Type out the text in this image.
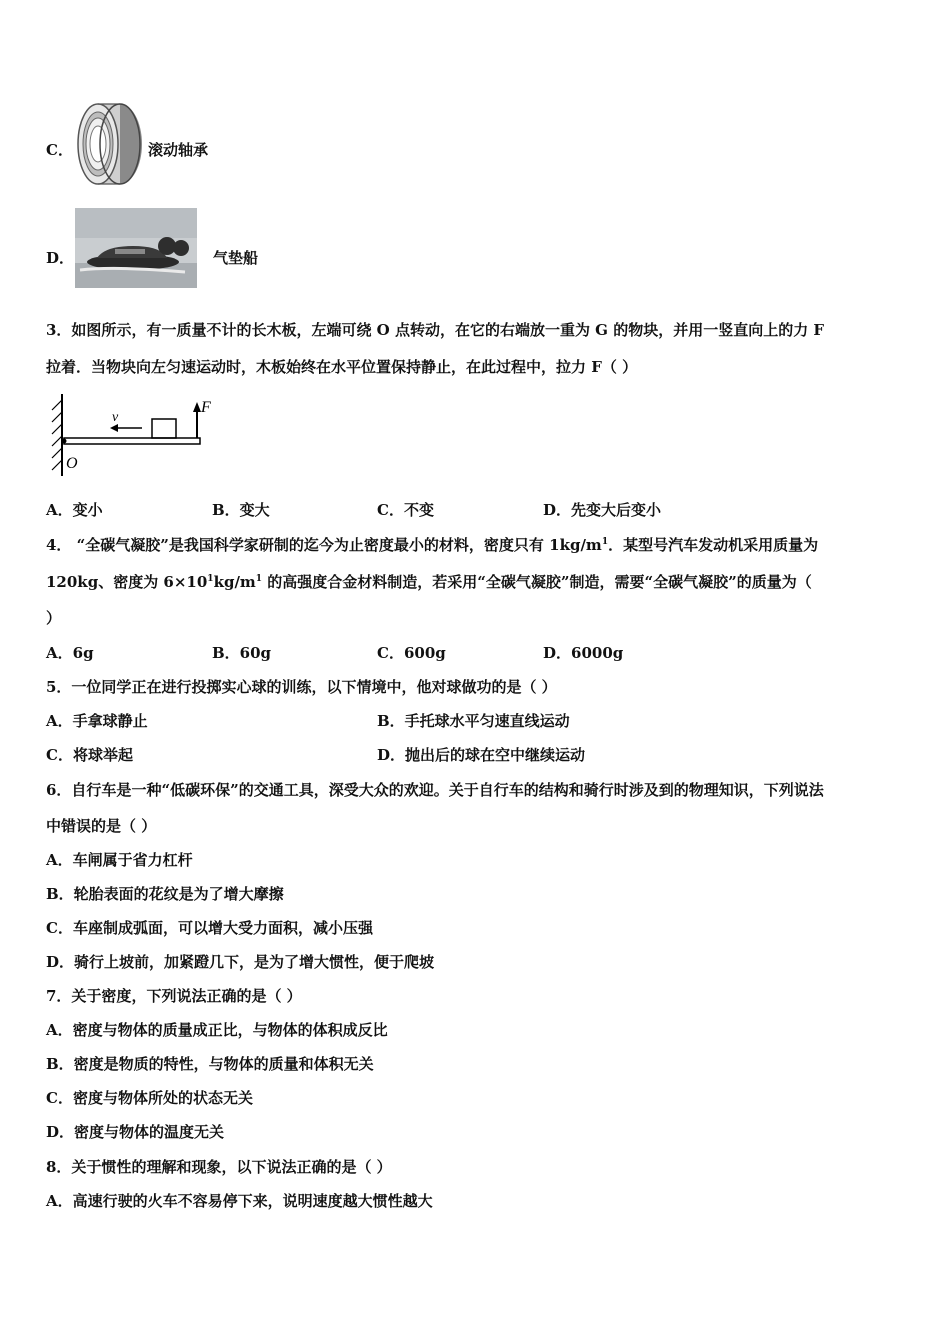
C．	滚动轴承
D．	气垫船
3．如图所示，有一质量不计的长木板，左端可绕 O 点转动，在它的右端放一重为 G 的物块，并用一竖直向上的力 F
拉着．当物块向左匀速运动时，木板始终在水平位置保持静止，在此过程中，拉力 F（ ）
v
F
O
A．变小	B．变大	C．不变	D．先变大后变小
4． “全碳气凝胶”是我国科学家研制的迄今为止密度最小的材料，密度只有 $1kg/m^1$．某型号汽车发动机采用质量为
120kg、密度为 $6\times 10^1kg/m^1$ 的高强度合金材料制造，若采用“全碳气凝胶”制造，需要“全碳气凝胶”的质量为（
）
A．6g	B．60g	C．600g	D．6000g
5．一位同学正在进行投掷实心球的训练，以下情境中，他对球做功的是（ ）
A．手拿球静止	B．手托球水平匀速直线运动
C．将球举起	D．抛出后的球在空中继续运动
6．自行车是一种“低碳环保”的交通工具，深受大众的欢迎。关于自行车的结构和骑行时涉及到的物理知识，下列说法
中错误的是（ ）
A．车闸属于省力杠杆
B．轮胎表面的花纹是为了增大摩擦
C．车座制成弧面，可以增大受力面积，减小压强
D．骑行上坡前，加紧蹬几下，是为了增大惯性，便于爬坡
7．关于密度，下列说法正确的是（ ）
A．密度与物体的质量成正比，与物体的体积成反比
B．密度是物质的特性，与物体的质量和体积无关
C．密度与物体所处的状态无关
D．密度与物体的温度无关
8．关于惯性的理解和现象，以下说法正确的是（ ）
A．高速行驶的火车不容易停下来，说明速度越大惯性越大
